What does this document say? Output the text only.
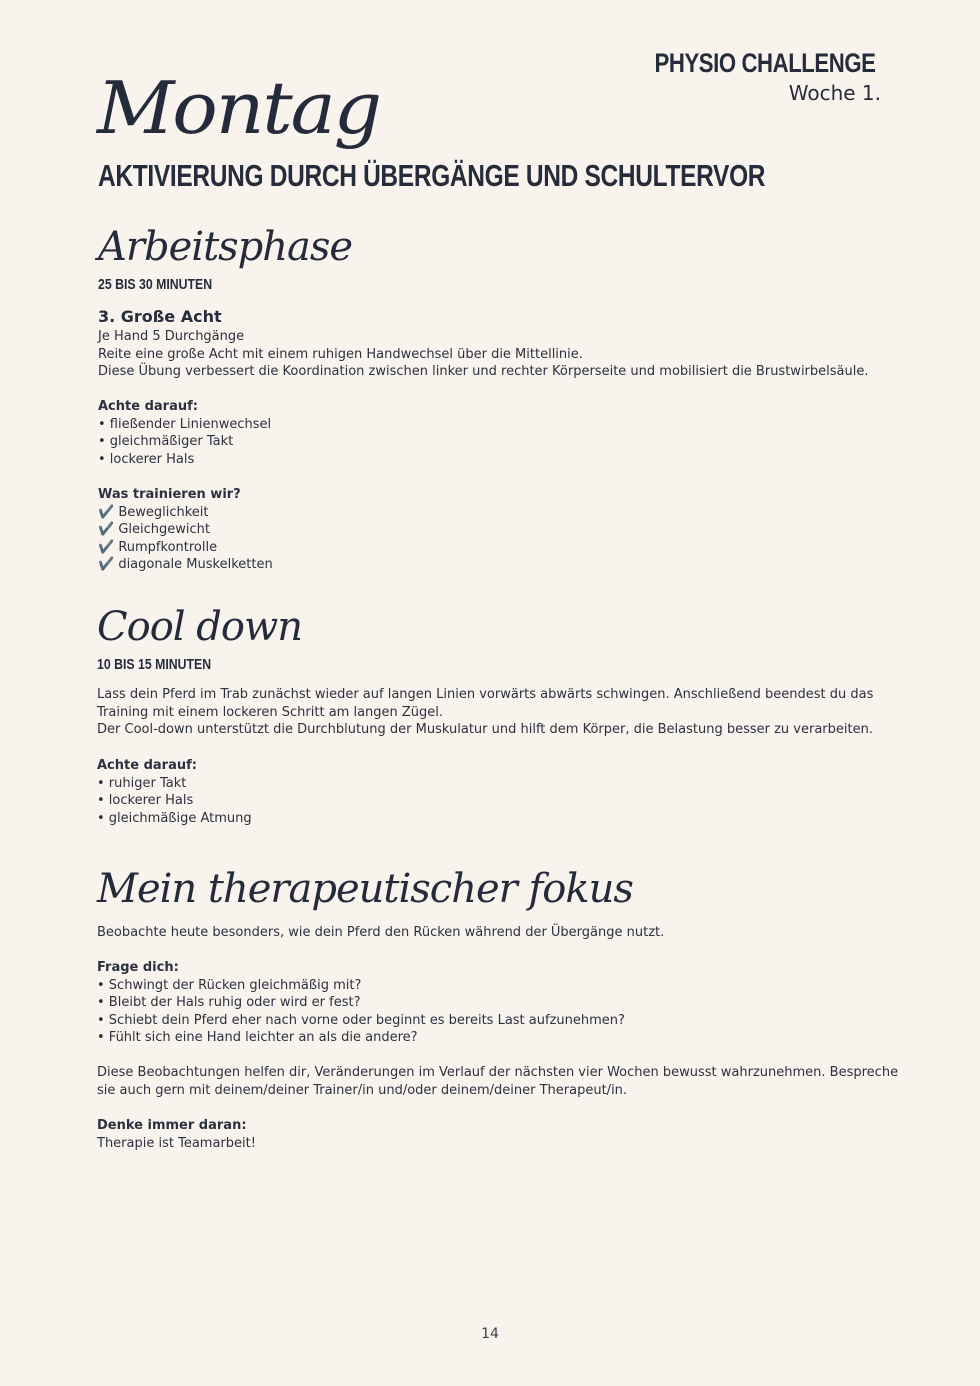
PHYSIO CHALLENGE
Woche 1.
Montag
AKTIVIERUNG DURCH ÜBERGÄNGE UND SCHULTERVOR
Arbeitsphase
25 BIS 30 MINUTEN
3. Große Acht
Je Hand 5 Durchgänge
Reite eine große Acht mit einem ruhigen Handwechsel über die Mittellinie.
Diese Übung verbessert die Koordination zwischen linker und rechter Körperseite und mobilisiert die Brustwirbelsäule.
Achte darauf:
• fließender Linienwechsel
• gleichmäßiger Takt
• lockerer Hals
Was trainieren wir?
✔️ Beweglichkeit
✔️ Gleichgewicht
✔️ Rumpfkontrolle
✔️ diagonale Muskelketten
Cool down
10 BIS 15 MINUTEN
Lass dein Pferd im Trab zunächst wieder auf langen Linien vorwärts abwärts schwingen. Anschließend beendest du das
Training mit einem lockeren Schritt am langen Zügel.
Der Cool-down unterstützt die Durchblutung der Muskulatur und hilft dem Körper, die Belastung besser zu verarbeiten.
Achte darauf:
• ruhiger Takt
• lockerer Hals
• gleichmäßige Atmung
Mein therapeutischer fokus
Beobachte heute besonders, wie dein Pferd den Rücken während der Übergänge nutzt.
Frage dich:
• Schwingt der Rücken gleichmäßig mit?
• Bleibt der Hals ruhig oder wird er fest?
• Schiebt dein Pferd eher nach vorne oder beginnt es bereits Last aufzunehmen?
• Fühlt sich eine Hand leichter an als die andere?
Diese Beobachtungen helfen dir, Veränderungen im Verlauf der nächsten vier Wochen bewusst wahrzunehmen. Bespreche
sie auch gern mit deinem/deiner Trainer/in und/oder deinem/deiner Therapeut/in.
Denke immer daran:
Therapie ist Teamarbeit!
14
